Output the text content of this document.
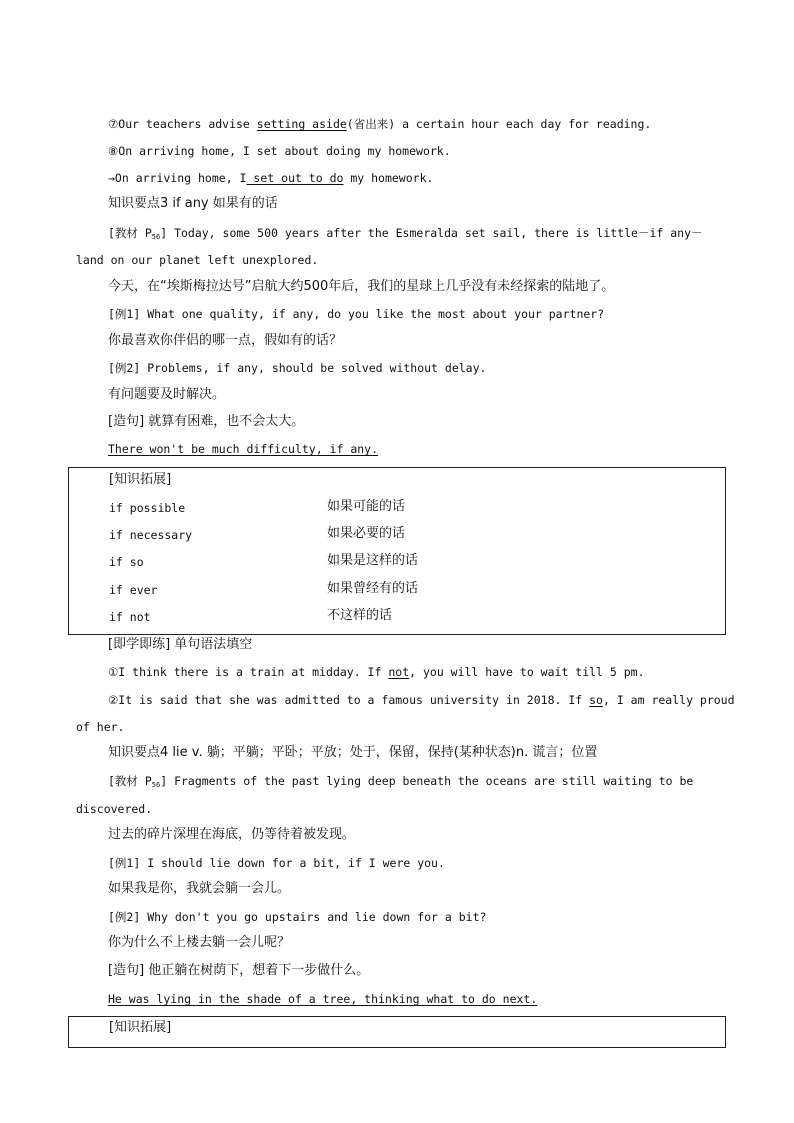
⑦Our teachers advise setting aside(省出来) a certain hour each day for reading.
⑧On arriving home, I set about doing my homework.
→On arriving home, I set out to do my homework.
知识要点3 if any 如果有的话
[教材 $P_{56}$] Today, some 500 years after the Esmeralda set sail, there is little－if any－
land on our planet left unexplored.
今天，在“埃斯梅拉达号”启航大约500年后，我们的星球上几乎没有未经探索的陆地了。
[例1] What one quality, if any, do you like the most about your partner?
你最喜欢你伴侣的哪一点，假如有的话？
[例2] Problems, if any, should be solved without delay.
有问题要及时解决。
[造句] 就算有困难，也不会太大。
There won't be much difficulty, if any.
[知识拓展]
if possible	如果可能的话
if necessary	如果必要的话
if so	如果是这样的话
if ever	如果曾经有的话
if not	不这样的话
[即学即练] 单句语法填空
①I think there is a train at midday. If not, you will have to wait till 5 pm.
②It is said that she was admitted to a famous university in 2018. If so, I am really proud
of her.
知识要点4 lie v. 躺；平躺；平卧；平放；处于，保留，保持(某种状态)n. 谎言；位置
[教材 $P_{56}$] Fragments of the past lying deep beneath the oceans are still waiting to be
discovered.
过去的碎片深埋在海底，仍等待着被发现。
[例1] I should lie down for a bit, if I were you.
如果我是你，我就会躺一会儿。
[例2] Why don't you go upstairs and lie down for a bit?
你为什么不上楼去躺一会儿呢？
[造句] 他正躺在树荫下，想着下一步做什么。
He was lying in the shade of a tree, thinking what to do next.
[知识拓展]
